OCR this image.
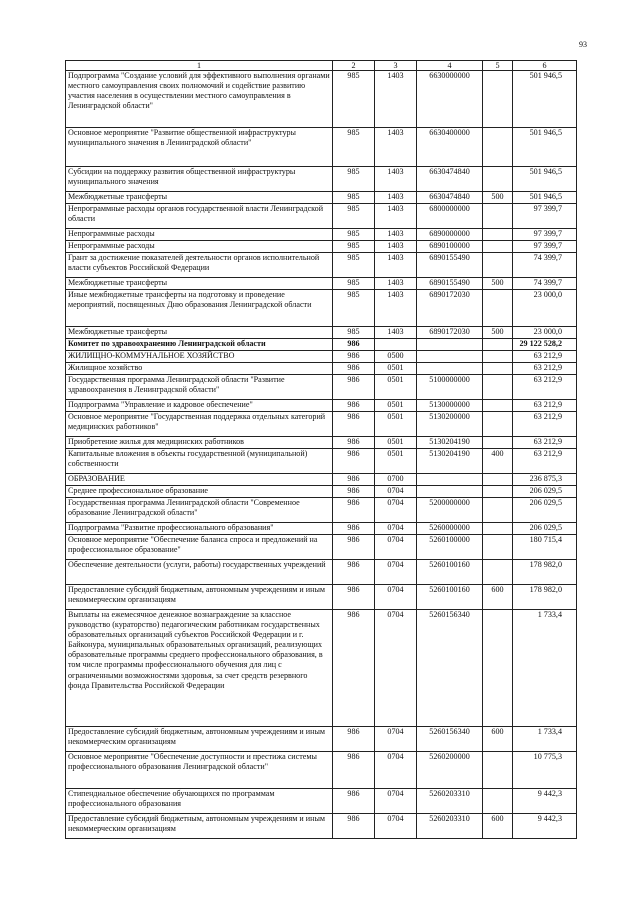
93
1	2	3	4	5	6
Подпрограмма "Создание условий для эффективного выполнения органами местного самоуправления своих полномочий и содействие развитию участия населения в осуществлении местного самоуправления в Ленинградской области"	985	1403	6630000000		501 946,5
Основное мероприятие "Развитие общественной инфраструктуры муниципального значения в Ленинградской области"	985	1403	6630400000		501 946,5
Субсидии на поддержку развития общественной инфраструктуры муниципального значения	985	1403	6630474840		501 946,5
Межбюджетные трансферты	985	1403	6630474840	500	501 946,5
Непрограммные расходы органов государственной власти Ленинградской области	985	1403	6800000000		97 399,7
Непрограммные расходы	985	1403	6890000000		97 399,7
Непрограммные расходы	985	1403	6890100000		97 399,7
Грант за достижение показателей деятельности органов исполнительной власти субъектов Российской Федерации	985	1403	6890155490		74 399,7
Межбюджетные трансферты	985	1403	6890155490	500	74 399,7
Иные межбюджетные трансферты на подготовку и проведение мероприятий, посвященных Дню образования Ленинградской области	985	1403	6890172030		23 000,0
Межбюджетные трансферты	985	1403	6890172030	500	23 000,0
Комитет по здравоохранению Ленинградской области	986				29 122 528,2
ЖИЛИЩНО-КОММУНАЛЬНОЕ ХОЗЯЙСТВО	986	0500			63 212,9
Жилищное хозяйство	986	0501			63 212,9
Государственная программа Ленинградской области "Развитие здравоохранения в Ленинградской области"	986	0501	5100000000		63 212,9
Подпрограмма "Управление и кадровое обеспечение"	986	0501	5130000000		63 212,9
Основное мероприятие "Государственная поддержка отдельных категорий медицинских работников"	986	0501	5130200000		63 212,9
Приобретение жилья для медицинских работников	986	0501	5130204190		63 212,9
Капитальные вложения в объекты государственной (муниципальной) собственности	986	0501	5130204190	400	63 212,9
ОБРАЗОВАНИЕ	986	0700			236 875,3
Среднее профессиональное образование	986	0704			206 029,5
Государственная программа Ленинградской области "Современное образование Ленинградской области"	986	0704	5200000000		206 029,5
Подпрограмма "Развитие профессионального образования"	986	0704	5260000000		206 029,5
Основное мероприятие "Обеспечение баланса спроса и предложений на профессиональное образование"	986	0704	5260100000		180 715,4
Обеспечение деятельности (услуги, работы) государственных учреждений	986	0704	5260100160		178 982,0
Предоставление субсидий бюджетным, автономным учреждениям и иным некоммерческим организациям	986	0704	5260100160	600	178 982,0
Выплаты на ежемесячное денежное вознаграждение за классное руководство (кураторство) педагогическим работникам государственных образовательных организаций субъектов Российской Федерации и г. Байконура, муниципальных образовательных организаций, реализующих образовательные программы среднего профессионального образования, в том числе программы профессионального обучения для лиц с ограниченными возможностями здоровья, за счет средств резервного фонда Правительства Российской Федерации	986	0704	5260156340		1 733,4
Предоставление субсидий бюджетным, автономным учреждениям и иным некоммерческим организациям	986	0704	5260156340	600	1 733,4
Основное мероприятие "Обеспечение доступности и престижа системы профессионального образования Ленинградской области"	986	0704	5260200000		10 775,3
Стипендиальное обеспечение обучающихся по программам профессионального образования	986	0704	5260203310		9 442,3
Предоставление субсидий бюджетным, автономным учреждениям и иным некоммерческим организациям	986	0704	5260203310	600	9 442,3
